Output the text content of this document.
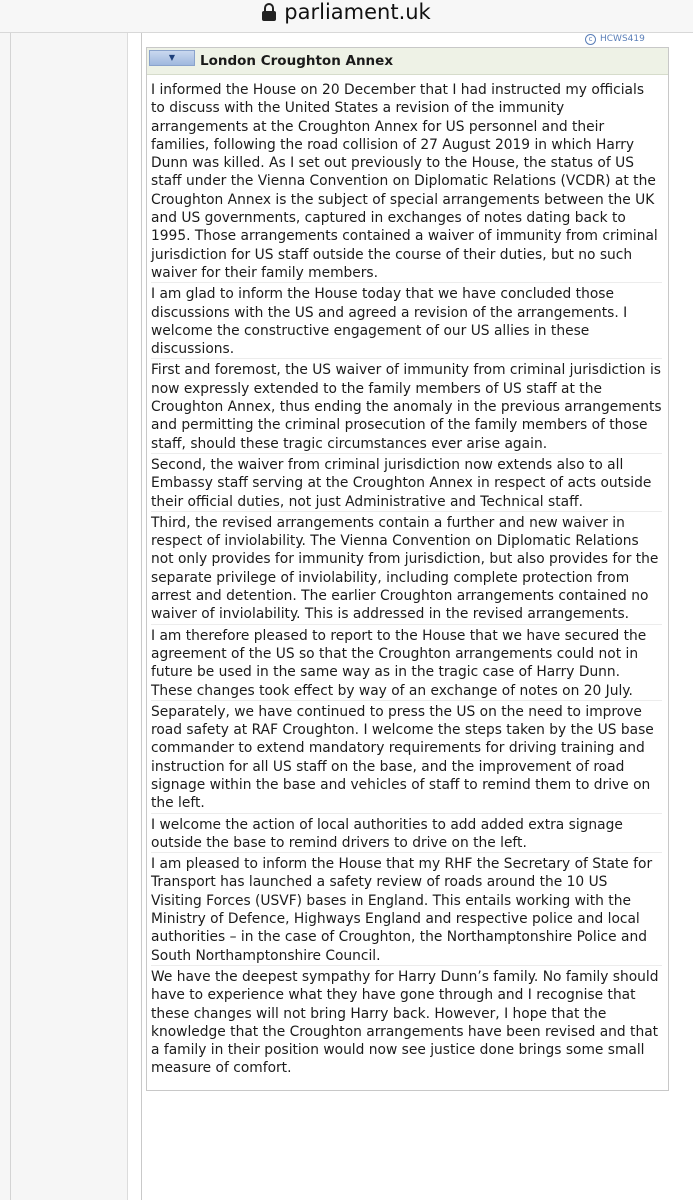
parliament.uk
c HCWS419
▼	London Croughton Annex

I informed the House on 20 December that I had instructed my officials to discuss with the United States a revision of the immunity arrangements at the Croughton Annex for US personnel and their families, following the road collision of 27 August 2019 in which Harry Dunn was killed. As I set out previously to the House, the status of US staff under the Vienna Convention on Diplomatic Relations (VCDR) at the Croughton Annex is the subject of special arrangements between the UK and US governments, captured in exchanges of notes dating back to 1995. Those arrangements contained a waiver of immunity from criminal jurisdiction for US staff outside the course of their duties, but no such waiver for their family members.

I am glad to inform the House today that we have concluded those discussions with the US and agreed a revision of the arrangements. I welcome the constructive engagement of our US allies in these discussions.

First and foremost, the US waiver of immunity from criminal jurisdiction is now expressly extended to the family members of US staff at the Croughton Annex, thus ending the anomaly in the previous arrangements and permitting the criminal prosecution of the family members of those staff, should these tragic circumstances ever arise again.

Second, the waiver from criminal jurisdiction now extends also to all Embassy staff serving at the Croughton Annex in respect of acts outside their official duties, not just Administrative and Technical staff.

Third, the revised arrangements contain a further and new waiver in respect of inviolability. The Vienna Convention on Diplomatic Relations not only provides for immunity from jurisdiction, but also provides for the separate privilege of inviolability, including complete protection from arrest and detention. The earlier Croughton arrangements contained no waiver of inviolability. This is addressed in the revised arrangements.

I am therefore pleased to report to the House that we have secured the agreement of the US so that the Croughton arrangements could not in future be used in the same way as in the tragic case of Harry Dunn. These changes took effect by way of an exchange of notes on 20 July.

Separately, we have continued to press the US on the need to improve road safety at RAF Croughton. I welcome the steps taken by the US base commander to extend mandatory requirements for driving training and instruction for all US staff on the base, and the improvement of road signage within the base and vehicles of staff to remind them to drive on the left.

I welcome the action of local authorities to add added extra signage outside the base to remind drivers to drive on the left.

I am pleased to inform the House that my RHF the Secretary of State for Transport has launched a safety review of roads around the 10 US Visiting Forces (USVF) bases in England. This entails working with the Ministry of Defence, Highways England and respective police and local authorities – in the case of Croughton, the Northamptonshire Police and South Northamptonshire Council.

We have the deepest sympathy for Harry Dunn’s family. No family should have to experience what they have gone through and I recognise that these changes will not bring Harry back. However, I hope that the knowledge that the Croughton arrangements have been revised and that a family in their position would now see justice done brings some small measure of comfort.
